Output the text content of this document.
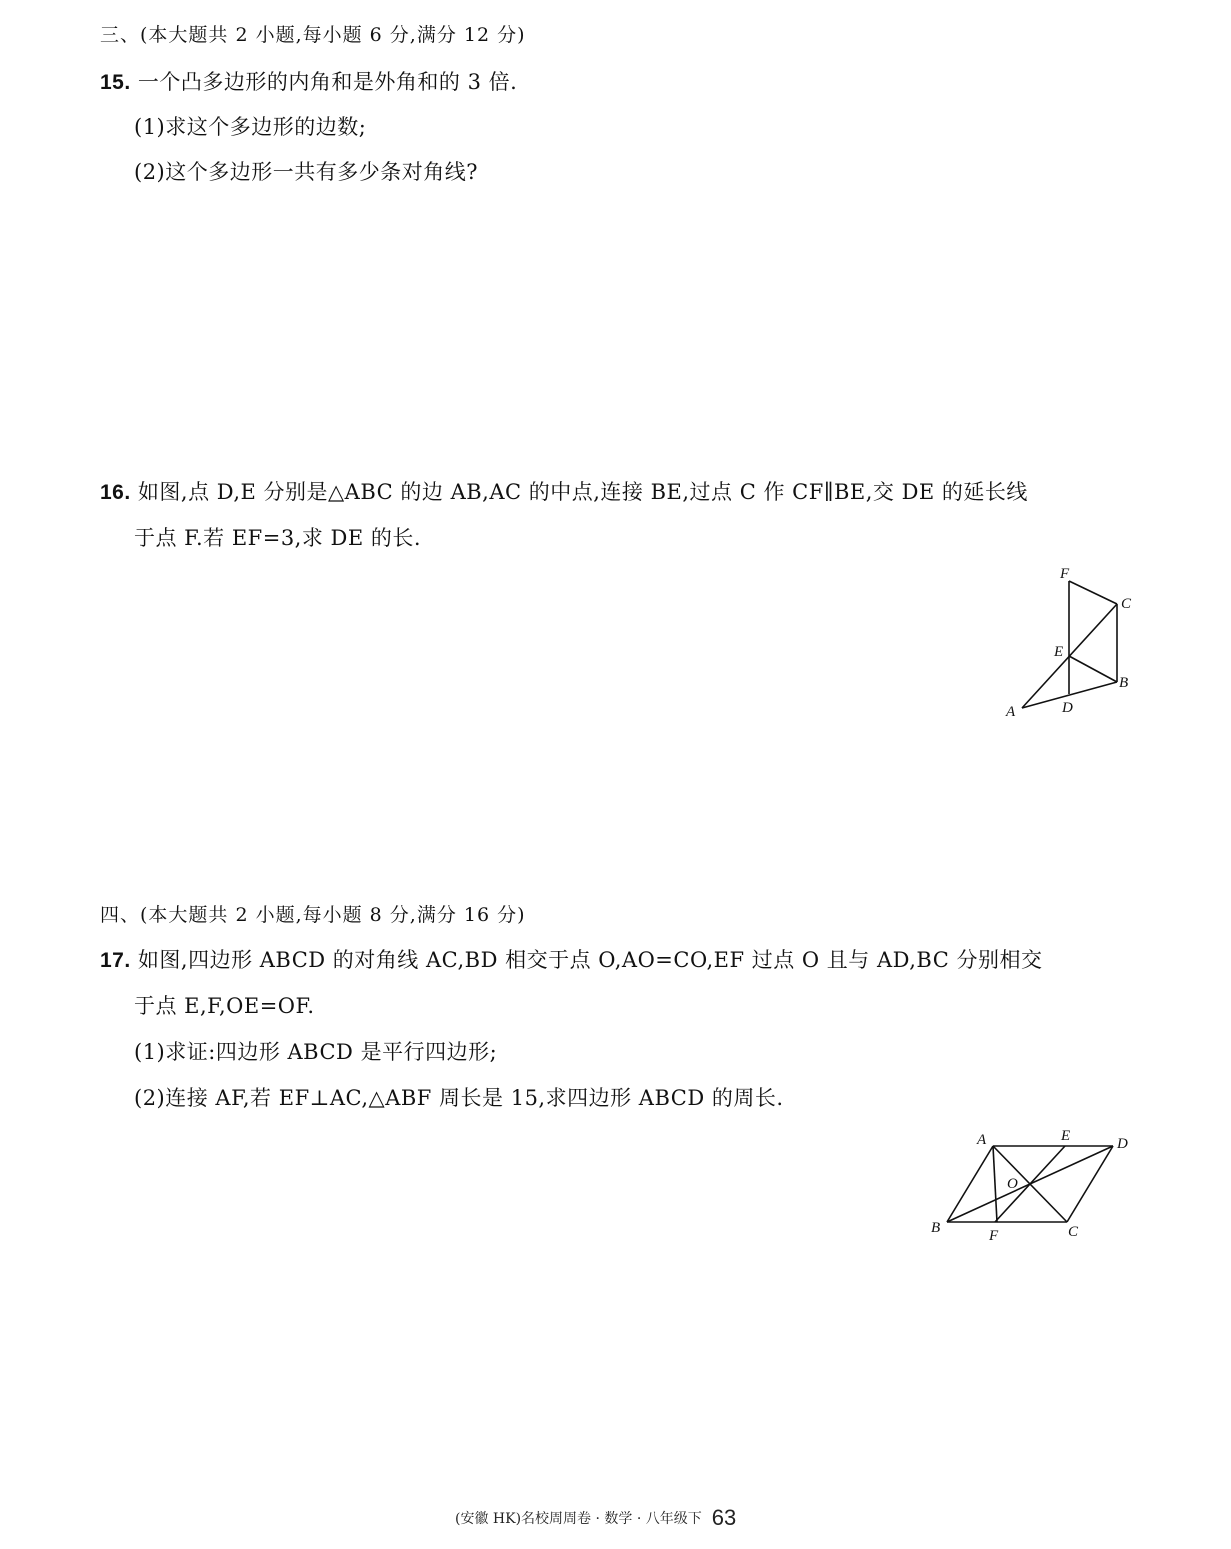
三、(本大题共 2 小题,每小题 6 分,满分 12 分)
15. 一个凸多边形的内角和是外角和的 3 倍.
(1)求这个多边形的边数;
(2)这个多边形一共有多少条对角线?
16. 如图,点 D,E 分别是△ABC 的边 AB,AC 的中点,连接 BE,过点 C 作 CF∥BE,交 DE 的延长线
于点 F.若 EF=3,求 DE 的长.
F
C
E
B
A	D
四、(本大题共 2 小题,每小题 8 分,满分 16 分)
17. 如图,四边形 ABCD 的对角线 AC,BD 相交于点 O,AO=CO,EF 过点 O 且与 AD,BC 分别相交
于点 E,F,OE=OF.
(1)求证:四边形 ABCD 是平行四边形;
(2)连接 AF,若 EF⊥AC,△ABF 周长是 15,求四边形 ABCD 的周长.
A	E	D
O
B	F	C
(安徽 HK)名校周周卷 · 数学 · 八年级下 63
